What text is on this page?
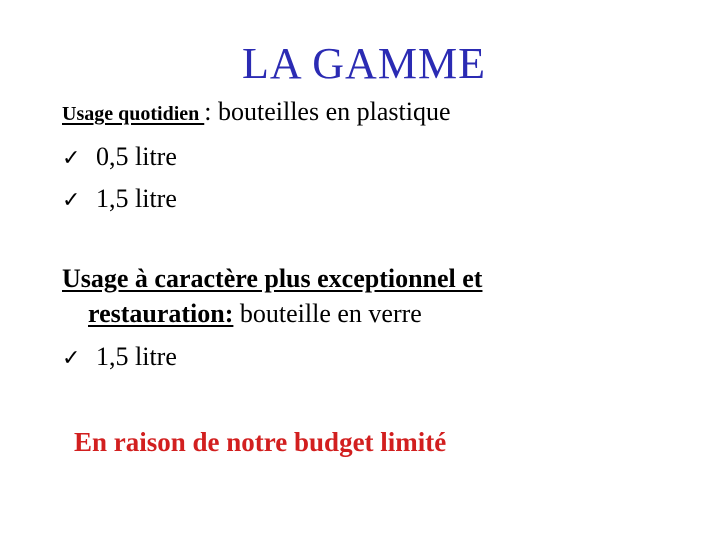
LA GAMME
Usage quotidien : bouteilles en plastique
✓ 0,5 litre
✓ 1,5 litre
Usage à caractère plus exceptionnel et
restauration: bouteille en verre
✓ 1,5 litre
En raison de notre budget limité
